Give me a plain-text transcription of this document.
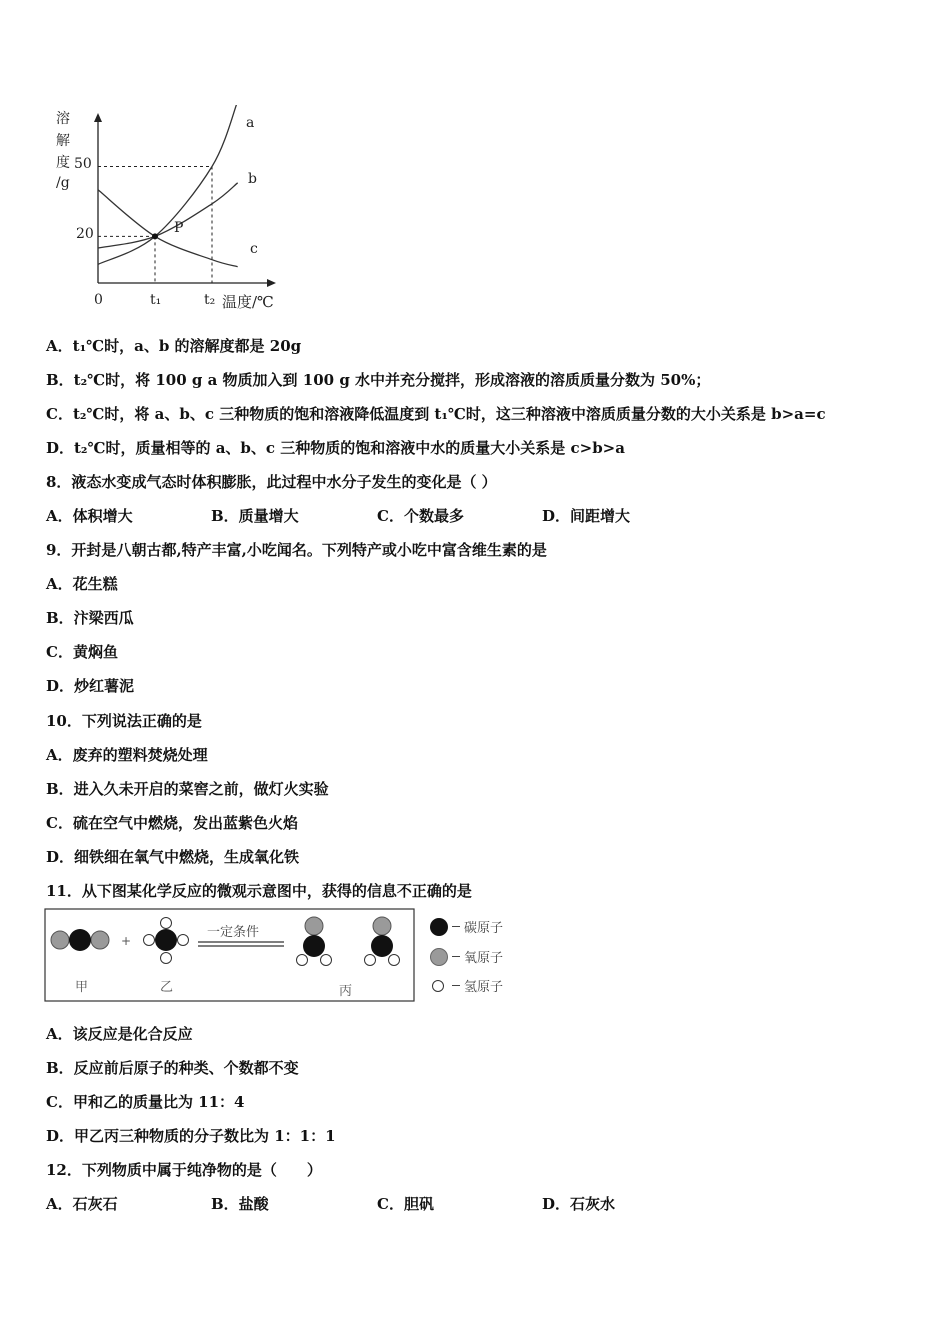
溶
解
度
/g
50
20
0	t₁	t₂ 温度/℃
P
a
b
c
A．t₁℃时，a、b 的溶解度都是 20g
B．t₂℃时，将 100 g a 物质加入到 100 g 水中并充分搅拌，形成溶液的溶质质量分数为 50%；
C．t₂℃时，将 a、b、c 三种物质的饱和溶液降低温度到 t₁℃时，这三种溶液中溶质质量分数的大小关系是 b>a=c
D．t₂℃时，质量相等的 a、b、c 三种物质的饱和溶液中水的质量大小关系是 c>b>a
8．液态水变成气态时体积膨胀，此过程中水分子发生的变化是（ ）
A．体积增大	B．质量增大	C．个数最多	D．间距增大
9．开封是八朝古都,特产丰富,小吃闻名。下列特产或小吃中富含维生素的是
A．花生糕
B．汴梁西瓜
C．黄焖鱼
D．炒红薯泥
10．下列说法正确的是
A．废弃的塑料焚烧处理
B．进入久未开启的菜窖之前，做灯火实验
C．硫在空气中燃烧，发出蓝紫色火焰
D．细铁细在氧气中燃烧，生成氧化铁
11．从下图某化学反应的微观示意图中，获得的信息不正确的是
+
一定条件
甲	乙	丙
碳原子
氧原子
氢原子
A．该反应是化合反应
B．反应前后原子的种类、个数都不变
C．甲和乙的质量比为 11：4
D．甲乙丙三种物质的分子数比为 1：1：1
12．下列物质中属于纯净物的是（　　）
A．石灰石	B．盐酸	C．胆矾	D．石灰水
